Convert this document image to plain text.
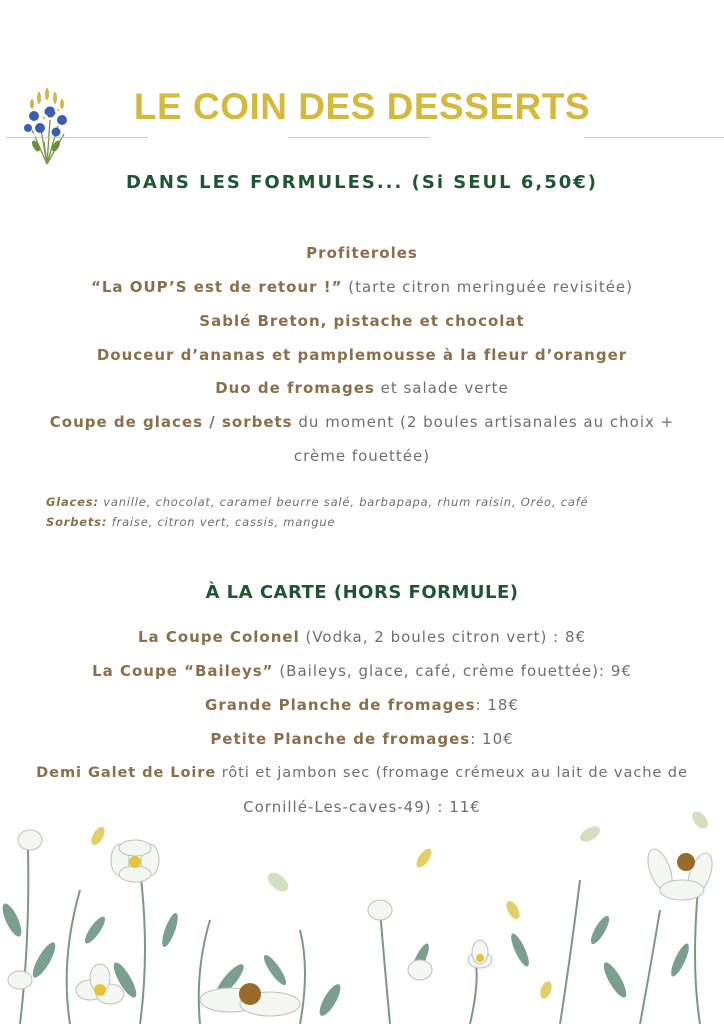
LE COIN DES DESSERTS
DANS LES FORMULES... (Si SEUL 6,50€)
Profiteroles
“La OUP’S est de retour !” (tarte citron meringuée revisitée)
Sablé Breton, pistache et chocolat
Douceur d’ananas et pamplemousse à la fleur d’oranger
Duo de fromages et salade verte
Coupe de glaces / sorbets du moment (2 boules artisanales au choix +
crème fouettée)
Glaces: vanille, chocolat, caramel beurre salé, barbapapa, rhum raisin, Oréo, café
Sorbets: fraise, citron vert, cassis, mangue
À LA CARTE (HORS FORMULE)
La Coupe Colonel (Vodka, 2 boules citron vert) : 8€
La Coupe “Baileys” (Baileys, glace, café, crème fouettée): 9€
Grande Planche de fromages: 18€
Petite Planche de fromages: 10€
Demi Galet de Loire rôti et jambon sec (fromage crémeux au lait de vache de
Cornillé-Les-caves-49) : 11€
